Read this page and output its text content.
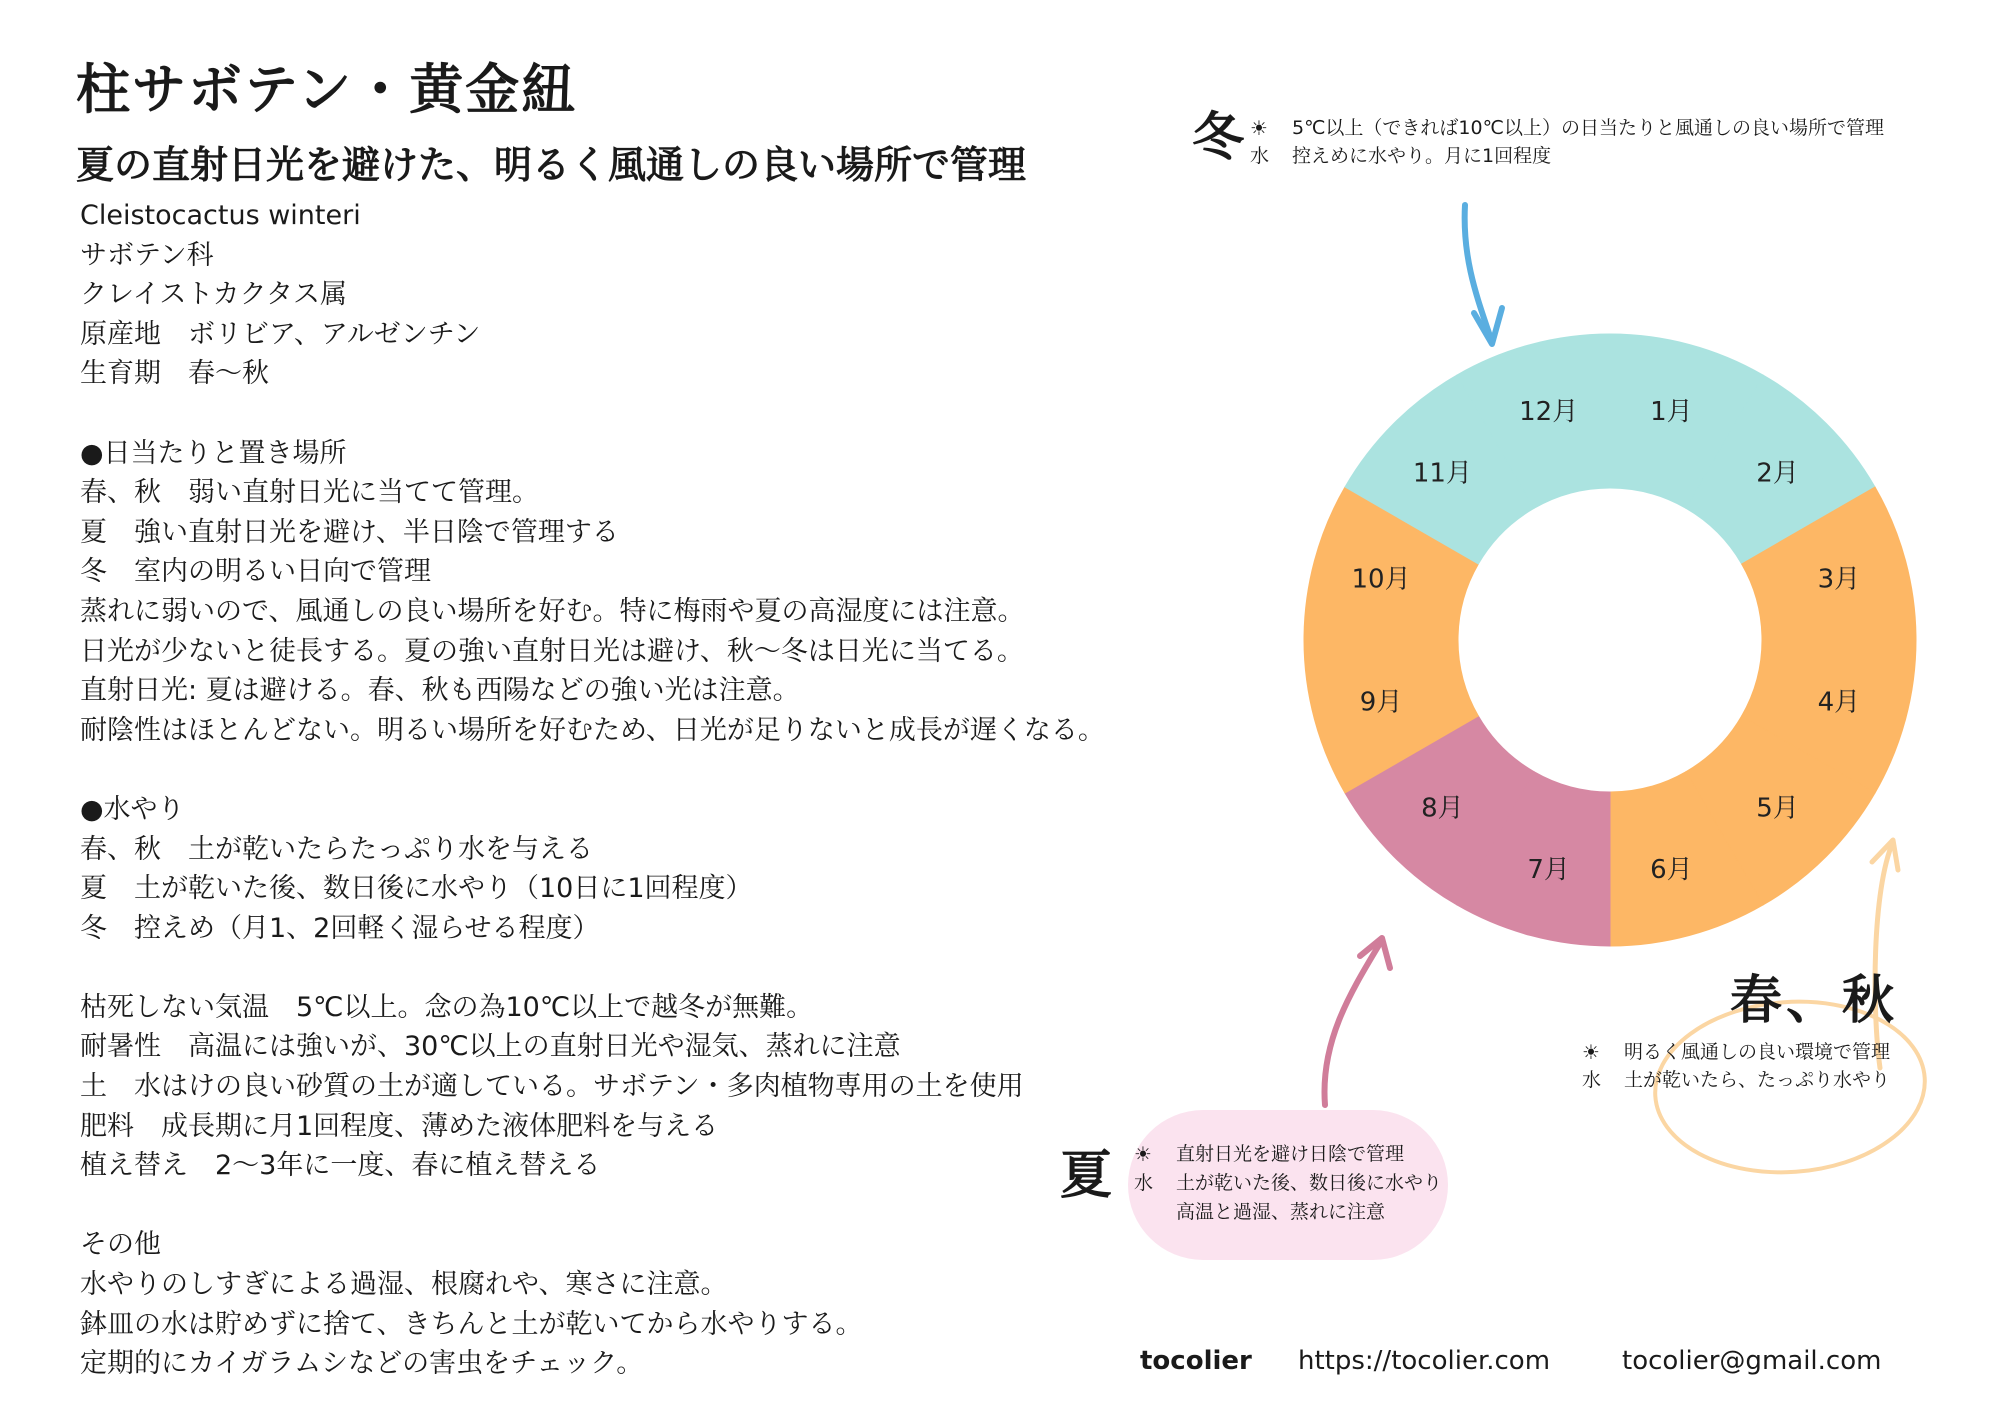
柱サボテン・黄金紐
夏の直射日光を避けた、明るく風通しの良い場所で管理
Cleistocactus winteri
サボテン科
クレイストカクタス属
原産地　ボリビア、アルゼンチン
生育期　春〜秋
●日当たりと置き場所
春、秋　弱い直射日光に当てて管理。
夏　強い直射日光を避け、半日陰で管理する
冬　室内の明るい日向で管理
蒸れに弱いので、風通しの良い場所を好む。特に梅雨や夏の高湿度には注意。
日光が少ないと徒長する。夏の強い直射日光は避け、秋〜冬は日光に当てる。
直射日光: 夏は避ける。春、秋も西陽などの強い光は注意。
耐陰性はほとんどない。明るい場所を好むため、日光が足りないと成長が遅くなる。
●水やり
春、秋　土が乾いたらたっぷり水を与える
夏　土が乾いた後、数日後に水やり（10日に1回程度）
冬　控えめ（月1、2回軽く湿らせる程度）
枯死しない気温　5℃以上。念の為10℃以上で越冬が無難。
耐暑性　高温には強いが、30℃以上の直射日光や湿気、蒸れに注意
土　水はけの良い砂質の土が適している。サボテン・多肉植物専用の土を使用
肥料　成長期に月1回程度、薄めた液体肥料を与える
植え替え　2〜3年に一度、春に植え替える
その他
水やりのしすぎによる過湿、根腐れや、寒さに注意。
鉢皿の水は貯めずに捨て、きちんと土が乾いてから水やりする。
定期的にカイガラムシなどの害虫をチェック。
1月
2月
3月
4月
5月
6月
7月
8月
9月
10月
11月
12月
冬 ☀	5℃以上（できれば10℃以上）の日当たりと風通しの良い場所で管理
水	控えめに水やり。月に1回程度
春、秋
☀	明るく風通しの良い環境で管理
水	土が乾いたら、たっぷり水やり
夏 ☀	直射日光を避け日陰で管理
水	土が乾いた後、数日後に水やり
高温と過湿、蒸れに注意
tocolier https://tocolier.com	tocolier@gmail.com
